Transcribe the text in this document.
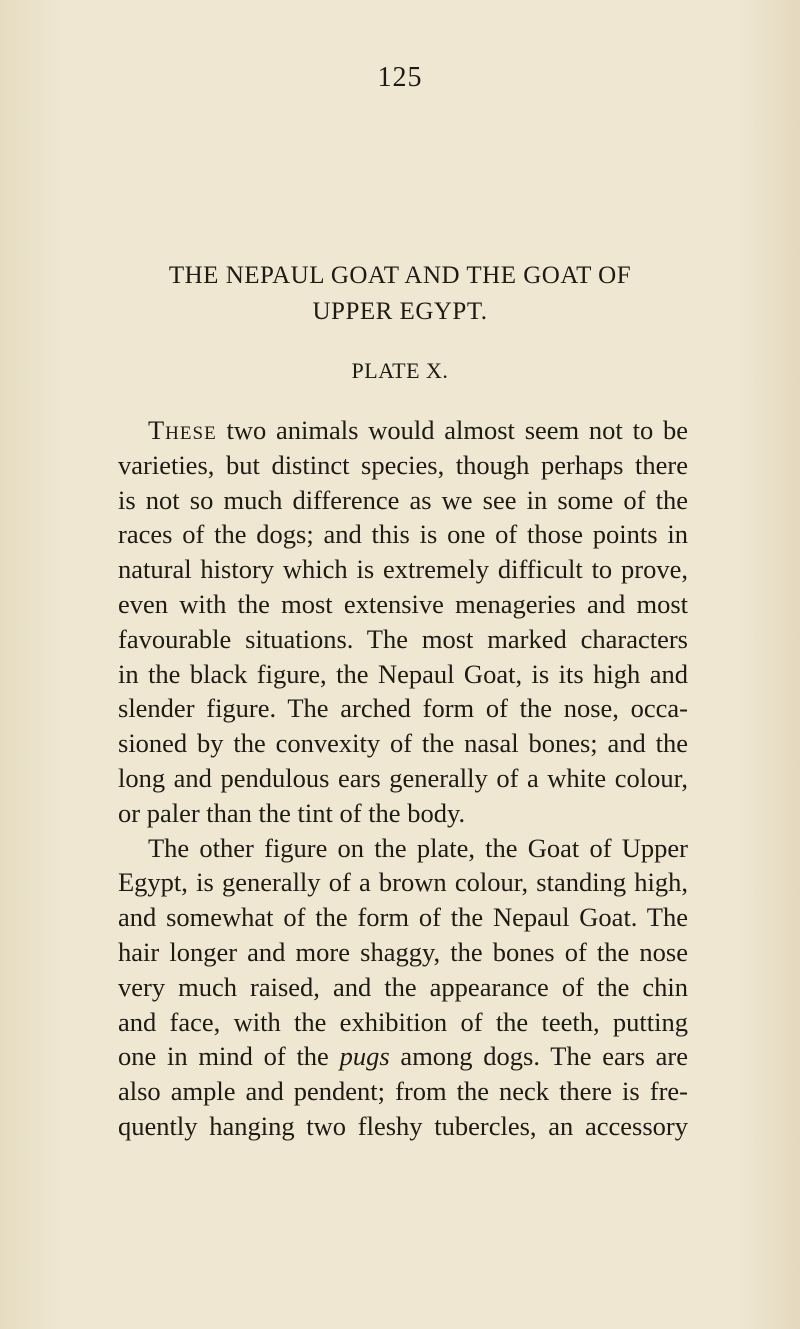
125
THE NEPAUL GOAT AND THE GOAT OF
UPPER EGYPT.
PLATE X.
These two animals would almost seem not to be
varieties, but distinct species, though perhaps there
is not so much difference as we see in some of the
races of the dogs; and this is one of those points in
natural history which is extremely difficult to prove,
even with the most extensive menageries and most
favourable situations. The most marked characters
in the black figure, the Nepaul Goat, is its high and
slender figure. The arched form of the nose, occa-
sioned by the convexity of the nasal bones; and the
long and pendulous ears generally of a white colour,
or paler than the tint of the body.
The other figure on the plate, the Goat of Upper
Egypt, is generally of a brown colour, standing high,
and somewhat of the form of the Nepaul Goat. The
hair longer and more shaggy, the bones of the nose
very much raised, and the appearance of the chin
and face, with the exhibition of the teeth, putting
one in mind of the pugs among dogs. The ears are
also ample and pendent; from the neck there is fre-
quently hanging two fleshy tubercles, an accessory
